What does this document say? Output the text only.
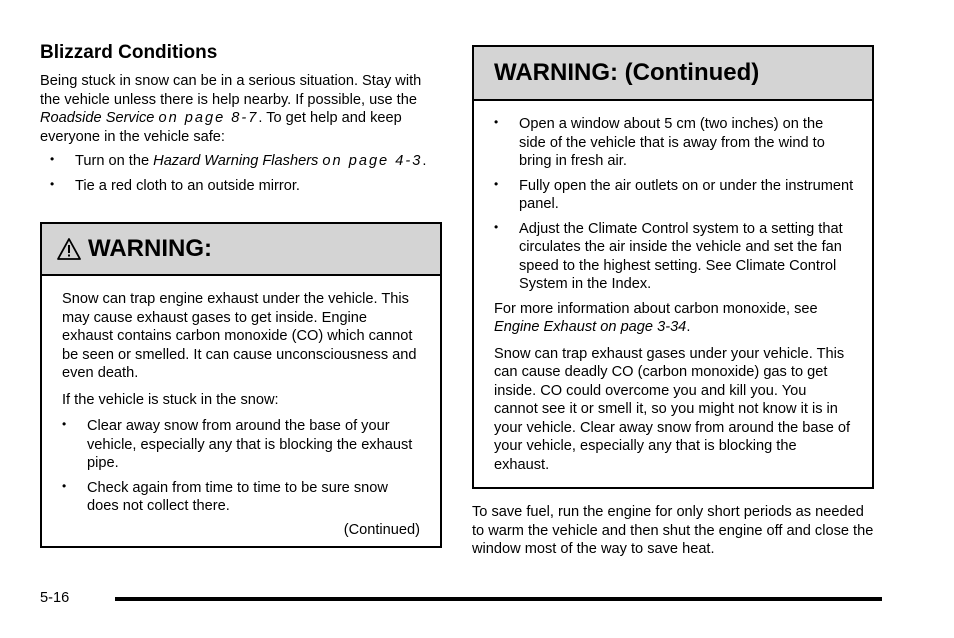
Blizzard Conditions

Being stuck in snow can be in a serious situation. Stay with the vehicle unless there is help nearby. If possible, use the Roadside Service on page 8-7. To get help and keep everyone in the vehicle safe:

• Turn on the Hazard Warning Flashers on page 4-3.
• Tie a red cloth to an outside mirror.
WARNING:

Snow can trap engine exhaust under the vehicle. This may cause exhaust gases to get inside. Engine exhaust contains carbon monoxide (CO) which cannot be seen or smelled. It can cause unconsciousness and even death.

If the vehicle is stuck in the snow:

• Clear away snow from around the base of your vehicle, especially any that is blocking the exhaust pipe.
• Check again from time to time to be sure snow does not collect there.
(Continued)
WARNING: (Continued)
• Open a window about 5 cm (two inches) on the side of the vehicle that is away from the wind to bring in fresh air.
• Fully open the air outlets on or under the instrument panel.
• Adjust the Climate Control system to a setting that circulates the air inside the vehicle and set the fan speed to the highest setting. See Climate Control System in the Index.

For more information about carbon monoxide, see Engine Exhaust on page 3-34.

Snow can trap exhaust gases under your vehicle. This can cause deadly CO (carbon monoxide) gas to get inside. CO could overcome you and kill you. You cannot see it or smell it, so you might not know it is in your vehicle. Clear away snow from around the base of your vehicle, especially any that is blocking the exhaust.

To save fuel, run the engine for only short periods as needed to warm the vehicle and then shut the engine off and close the window most of the way to save heat.

5-16
